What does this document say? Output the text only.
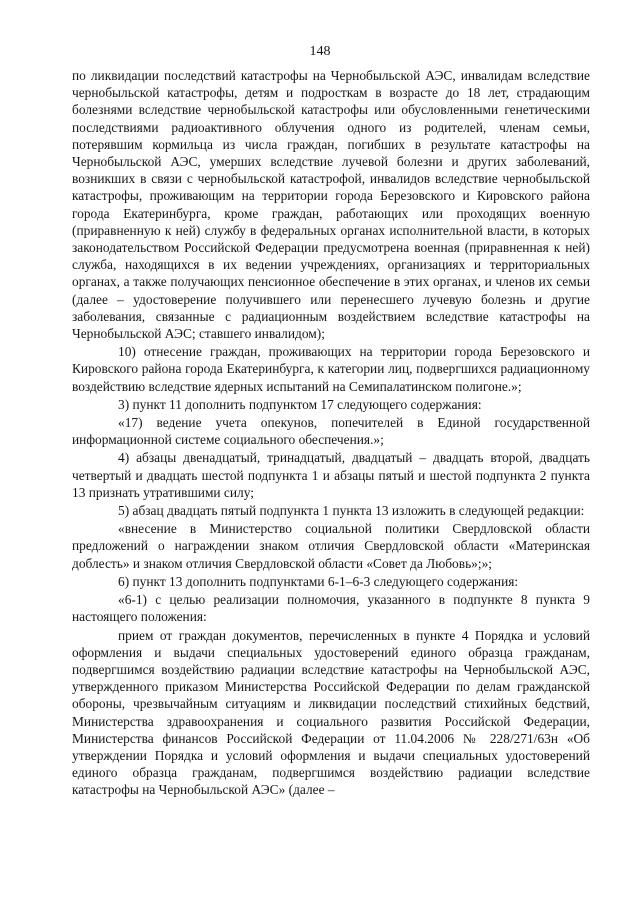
148

по ликвидации последствий катастрофы на Чернобыльской АЭС, инвалидам вследствие чернобыльской катастрофы, детям и подросткам в возрасте до 18 лет, страдающим болезнями вследствие чернобыльской катастрофы или обусловленными генетическими последствиями радиоактивного облучения одного из родителей, членам семьи, потерявшим кормильца из числа граждан, погибших в результате катастрофы на Чернобыльской АЭС, умерших вследствие лучевой болезни и других заболеваний, возникших в связи с чернобыльской катастрофой, инвалидов вследствие чернобыльской катастрофы, проживающим на территории города Березовского и Кировского района города Екатеринбурга, кроме граждан, работающих или проходящих военную (приравненную к ней) службу в федеральных органах исполнительной власти, в которых законодательством Российской Федерации предусмотрена военная (приравненная к ней) служба, находящихся в их ведении учреждениях, организациях и территориальных органах, а также получающих пенсионное обеспечение в этих органах, и членов их семьи (далее – удостоверение получившего или перенесшего лучевую болезнь и другие заболевания, связанные с радиационным воздействием вследствие катастрофы на Чернобыльской АЭС; ставшего инвалидом);

10) отнесение граждан, проживающих на территории города Березовского и Кировского района города Екатеринбурга, к категории лиц, подвергшихся радиационному воздействию вследствие ядерных испытаний на Семипалатинском полигоне.»;

3) пункт 11 дополнить подпунктом 17 следующего содержания:

«17) ведение учета опекунов, попечителей в Единой государственной информационной системе социального обеспечения.»;

4) абзацы двенадцатый, тринадцатый, двадцатый – двадцать второй, двадцать четвертый и двадцать шестой подпункта 1 и абзацы пятый и шестой подпункта 2 пункта 13 признать утратившими силу;

5) абзац двадцать пятый подпункта 1 пункта 13 изложить в следующей редакции:

«внесение в Министерство социальной политики Свердловской области предложений о награждении знаком отличия Свердловской области «Материнская доблесть» и знаком отличия Свердловской области «Совет да Любовь»;»;

6) пункт 13 дополнить подпунктами 6-1–6-3 следующего содержания:

«6-1) с целью реализации полномочия, указанного в подпункте 8 пункта 9 настоящего положения:

прием от граждан документов, перечисленных в пункте 4 Порядка и условий оформления и выдачи специальных удостоверений единого образца гражданам, подвергшимся воздействию радиации вследствие катастрофы на Чернобыльской АЭС, утвержденного приказом Министерства Российской Федерации по делам гражданской обороны, чрезвычайным ситуациям и ликвидации последствий стихийных бедствий, Министерства здравоохранения и социального развития Российской Федерации, Министерства финансов Российской Федерации от 11.04.2006 № 228/271/63н «Об утверждении Порядка и условий оформления и выдачи специальных удостоверений единого образца гражданам, подвергшимся воздействию радиации вследствие катастрофы на Чернобыльской АЭС» (далее –
